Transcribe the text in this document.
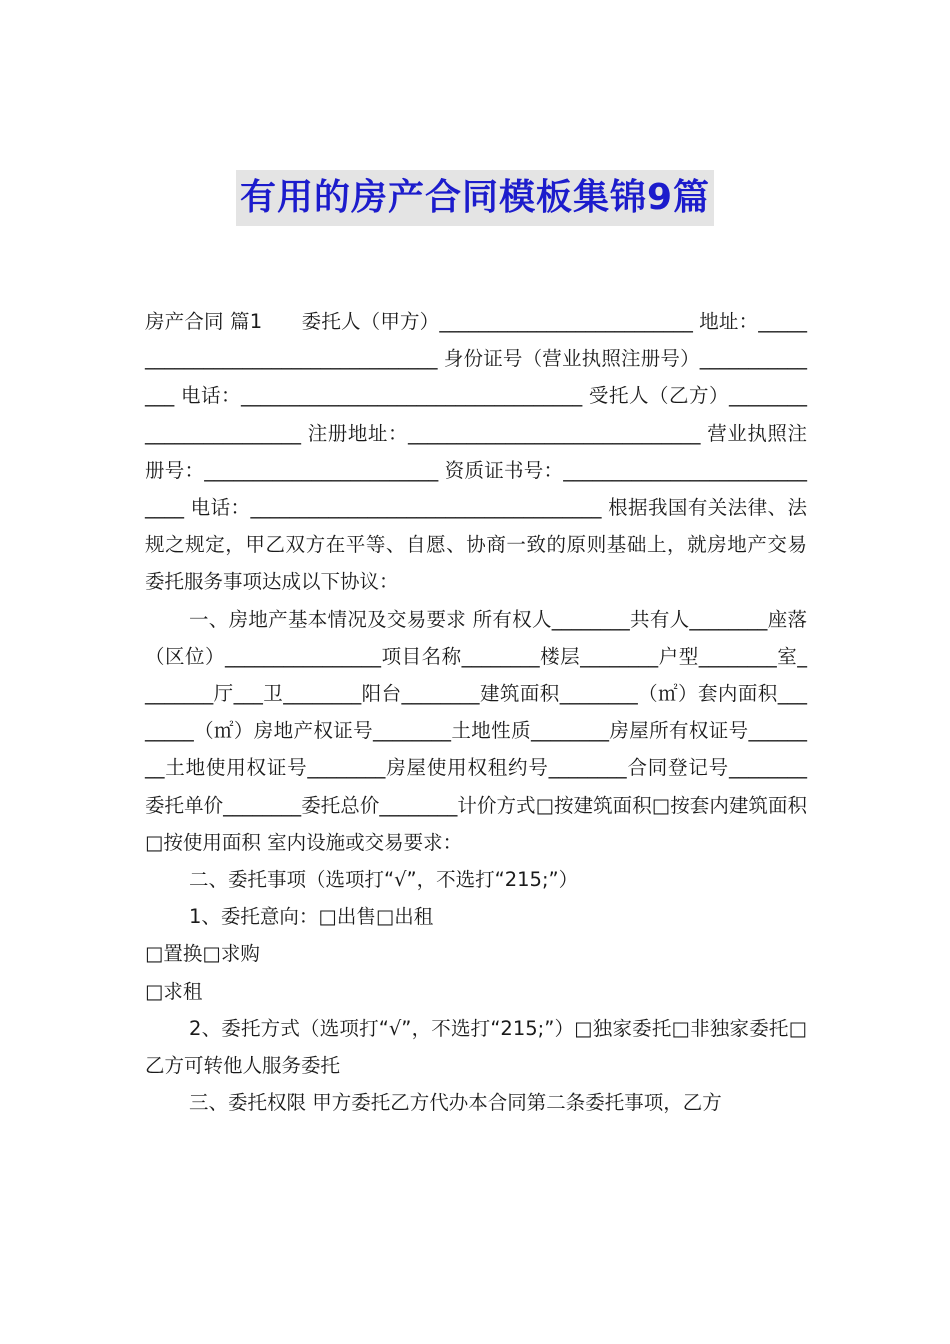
有用的房产合同模板集锦9篇

房产合同 篇1　　委托人（甲方）__________________________ 地址：___________________________________ 身份证号（营业执照注册号）______________ 电话：___________________________________ 受托人（乙方）________________________ 注册地址：______________________________ 营业执照注册号：________________________ 资质证书号：_____________________________ 电话：____________________________________ 根据我国有关法律、法规之规定，甲乙双方在平等、自愿、协商一致的原则基础上，就房地产交易委托服务事项达成以下协议：

一、房地产基本情况及交易要求 所有权人________共有人________座落（区位）________________项目名称________楼层________户型________室________厅___卫________阳台________建筑面积________（㎡）套内面积________（㎡）房地产权证号________土地性质________房屋所有权证号________土地使用权证号________房屋使用权租约号________合同登记号________委托单价________委托总价________计价方式□按建筑面积□按套内建筑面积□按使用面积 室内设施或交易要求：

二、委托事项（选项打“√”，不选打“215;”）

1、委托意向：□出售□出租

□置换□求购

□求租

2、委托方式（选项打“√”，不选打“215;”）□独家委托□非独家委托□乙方可转他人服务委托

三、委托权限 甲方委托乙方代办本合同第二条委托事项，乙方
